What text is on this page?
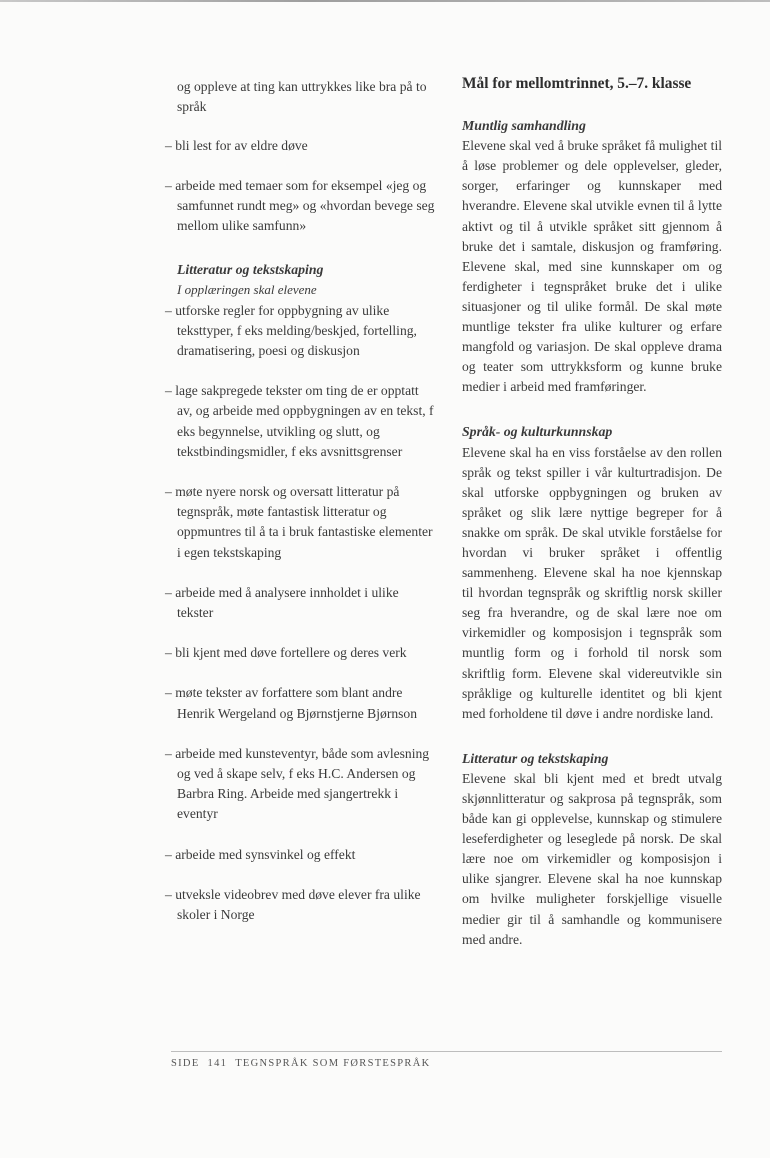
og oppleve at ting kan uttrykkes like bra på to språk

– bli lest for av eldre døve

– arbeide med temaer som for eksempel «jeg og samfunnet rundt meg» og «hvordan bevege seg mellom ulike samfunn»

Litteratur og tekstskaping

I opplæringen skal elevene

– utforske regler for oppbygning av ulike teksttyper, f eks melding/beskjed, fortelling, dramatisering, poesi og diskusjon

– lage sakpregede tekster om ting de er opptatt av, og arbeide med oppbygningen av en tekst, f eks begynnelse, utvikling og slutt, og tekstbindingsmidler, f eks avsnittsgrenser

– møte nyere norsk og oversatt litteratur på tegnspråk, møte fantastisk litteratur og oppmuntres til å ta i bruk fantastiske elementer i egen tekstskaping

– arbeide med å analysere innholdet i ulike tekster

– bli kjent med døve fortellere og deres verk

– møte tekster av forfattere som blant andre Henrik Wergeland og Bjørnstjerne Bjørnson

– arbeide med kunsteventyr, både som avlesning og ved å skape selv, f eks H.C. Andersen og Barbra Ring. Arbeide med sjangertrekk i eventyr

– arbeide med synsvinkel og effekt

– utveksle videobrev med døve elever fra ulike skoler i Norge

Mål for mellomtrinnet, 5.–7. klasse

Muntlig samhandling

Elevene skal ved å bruke språket få mulighet til å løse problemer og dele opplevelser, gleder, sorger, erfaringer og kunnskaper med hverandre. Elevene skal utvikle evnen til å lytte aktivt og til å utvikle språket sitt gjennom å bruke det i samtale, diskusjon og framføring. Elevene skal, med sine kunnskaper om og ferdigheter i tegnspråket bruke det i ulike situasjoner og til ulike formål. De skal møte muntlige tekster fra ulike kulturer og erfare mangfold og variasjon. De skal oppleve drama og teater som uttrykksform og kunne bruke medier i arbeid med framføringer.

Språk- og kulturkunnskap

Elevene skal ha en viss forståelse av den rollen språk og tekst spiller i vår kulturtradisjon. De skal utforske oppbygningen og bruken av språket og slik lære nyttige begreper for å snakke om språk. De skal utvikle forståelse for hvordan vi bruker språket i offentlig sammenheng. Elevene skal ha noe kjennskap til hvordan tegnspråk og skriftlig norsk skiller seg fra hverandre, og de skal lære noe om virkemidler og komposisjon i tegnspråk som muntlig form og i forhold til norsk som skriftlig form. Elevene skal videreutvikle sin språklige og kulturelle identitet og bli kjent med forholdene til døve i andre nordiske land.

Litteratur og tekstskaping

Elevene skal bli kjent med et bredt utvalg skjønnlitteratur og sakprosa på tegnspråk, som både kan gi opplevelse, kunnskap og stimulere leseferdigheter og leseglede på norsk. De skal lære noe om virkemidler og komposisjon i ulike sjangrer. Elevene skal ha noe kunnskap om hvilke muligheter forskjellige visuelle medier gir til å samhandle og kommunisere med andre.

SIDE 141 TEGNSPRÅK SOM FØRSTESPRÅK
